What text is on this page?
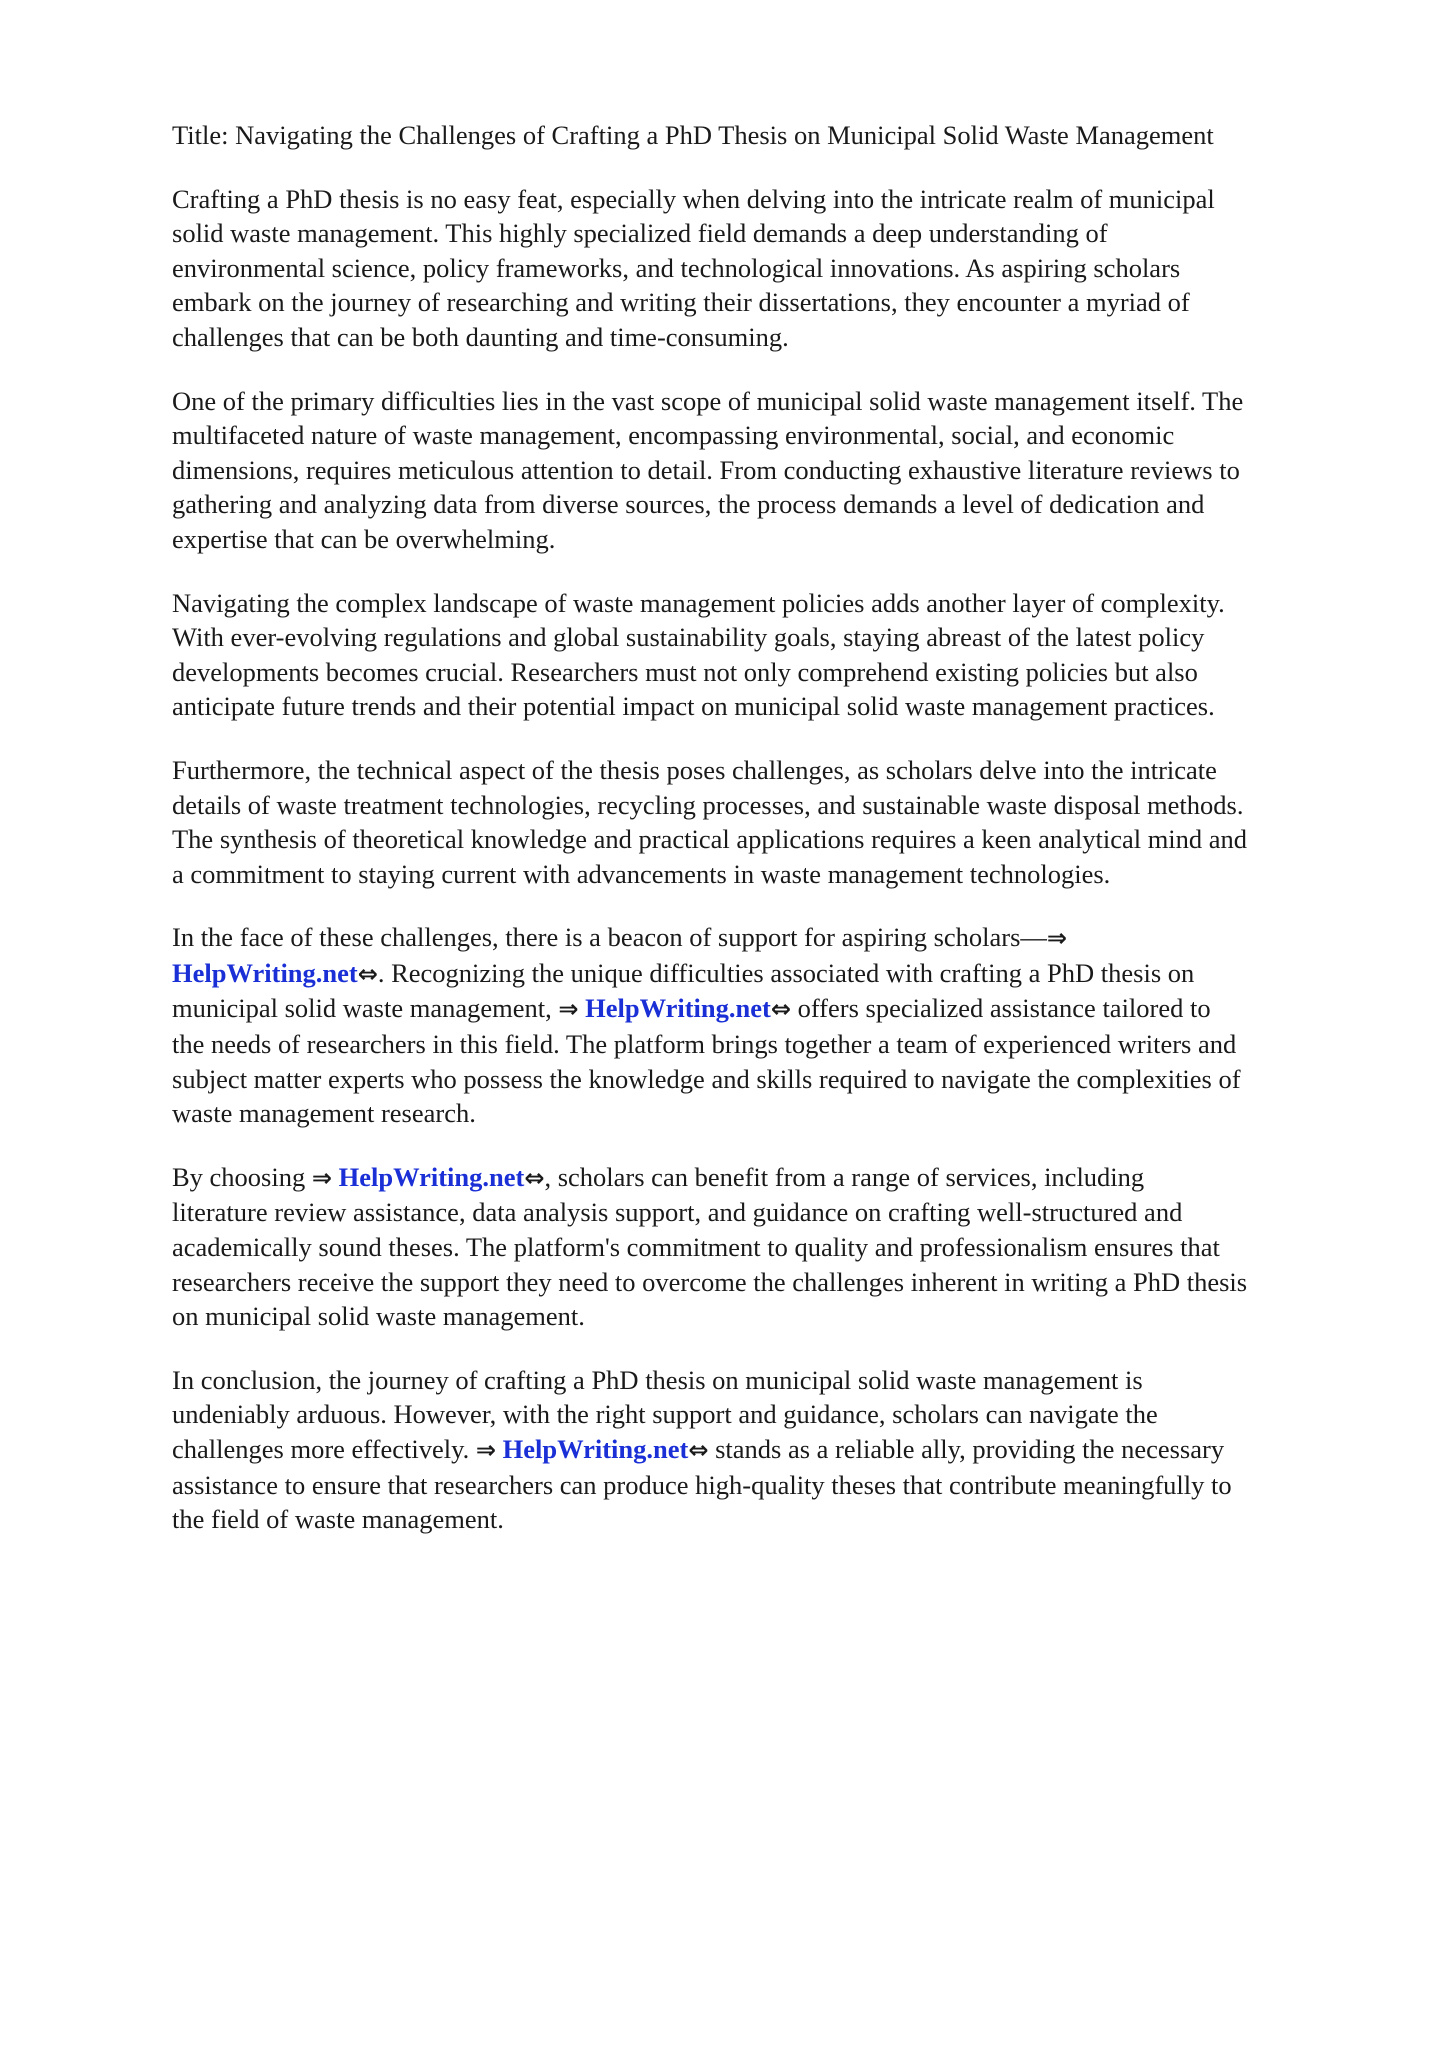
Title: Navigating the Challenges of Crafting a PhD Thesis on Municipal Solid Waste Management

Crafting a PhD thesis is no easy feat, especially when delving into the intricate realm of municipal
solid waste management. This highly specialized field demands a deep understanding of
environmental science, policy frameworks, and technological innovations. As aspiring scholars
embark on the journey of researching and writing their dissertations, they encounter a myriad of
challenges that can be both daunting and time-consuming.

One of the primary difficulties lies in the vast scope of municipal solid waste management itself. The
multifaceted nature of waste management, encompassing environmental, social, and economic
dimensions, requires meticulous attention to detail. From conducting exhaustive literature reviews to
gathering and analyzing data from diverse sources, the process demands a level of dedication and
expertise that can be overwhelming.

Navigating the complex landscape of waste management policies adds another layer of complexity.
With ever-evolving regulations and global sustainability goals, staying abreast of the latest policy
developments becomes crucial. Researchers must not only comprehend existing policies but also
anticipate future trends and their potential impact on municipal solid waste management practices.

Furthermore, the technical aspect of the thesis poses challenges, as scholars delve into the intricate
details of waste treatment technologies, recycling processes, and sustainable waste disposal methods.
The synthesis of theoretical knowledge and practical applications requires a keen analytical mind and
a commitment to staying current with advancements in waste management technologies.

In the face of these challenges, there is a beacon of support for aspiring scholars—⇒
HelpWriting.net⇔. Recognizing the unique difficulties associated with crafting a PhD thesis on
municipal solid waste management, ⇒ HelpWriting.net⇔ offers specialized assistance tailored to
the needs of researchers in this field. The platform brings together a team of experienced writers and
subject matter experts who possess the knowledge and skills required to navigate the complexities of
waste management research.

By choosing ⇒ HelpWriting.net⇔, scholars can benefit from a range of services, including
literature review assistance, data analysis support, and guidance on crafting well-structured and
academically sound theses. The platform's commitment to quality and professionalism ensures that
researchers receive the support they need to overcome the challenges inherent in writing a PhD thesis
on municipal solid waste management.

In conclusion, the journey of crafting a PhD thesis on municipal solid waste management is
undeniably arduous. However, with the right support and guidance, scholars can navigate the
challenges more effectively. ⇒ HelpWriting.net⇔ stands as a reliable ally, providing the necessary
assistance to ensure that researchers can produce high-quality theses that contribute meaningfully to
the field of waste management.
